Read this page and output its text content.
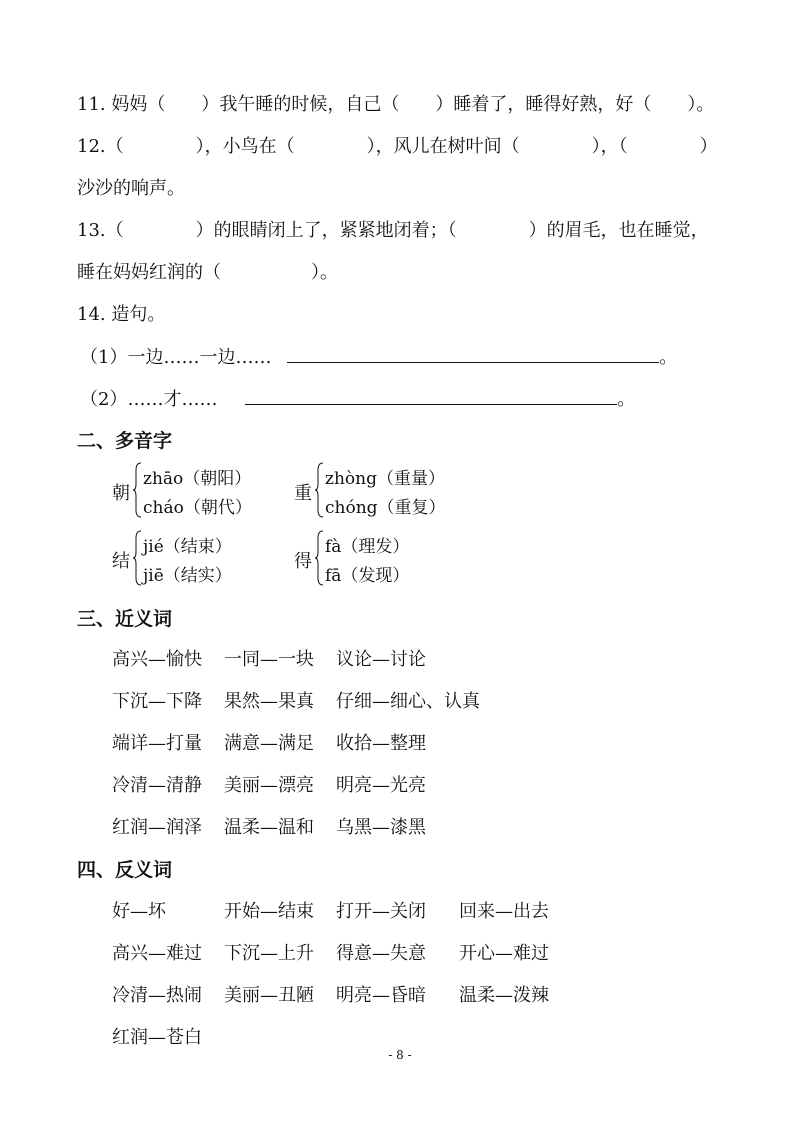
11. 妈妈（　　）我午睡的时候，自己（　　）睡着了，睡得好熟，好（　　）。
12.（　　　　），小鸟在（　　　　），风儿在树叶间（　　　　），（　　　　）
沙沙的响声。
13.（　　　　）的眼睛闭上了，紧紧地闭着；（　　　　）的眉毛，也在睡觉，
睡在妈妈红润的（　　　　　）。
14. 造句。
（1）一边……一边……	。
（2）……才……	。
二、多音字
朝
zhāo（朝阳）
cháo（朝代）
重
zhòng（重量）
chóng（重复）
结
jié（结束）
jiē（结实）
得
fà（理发）
fā（发现）
三、近义词
高兴—愉快 一同—一块 议论—讨论
下沉—下降 果然—果真 仔细—细心、认真
端详—打量 满意—满足 收拾—整理
冷清—清静 美丽—漂亮 明亮—光亮
红润—润泽 温柔—温和 乌黑—漆黑
四、反义词
好—坏	开始—结束 打开—关闭 回来—出去
高兴—难过 下沉—上升 得意—失意 开心—难过
冷清—热闹 美丽—丑陋 明亮—昏暗 温柔—泼辣
红润—苍白
- 8 -
